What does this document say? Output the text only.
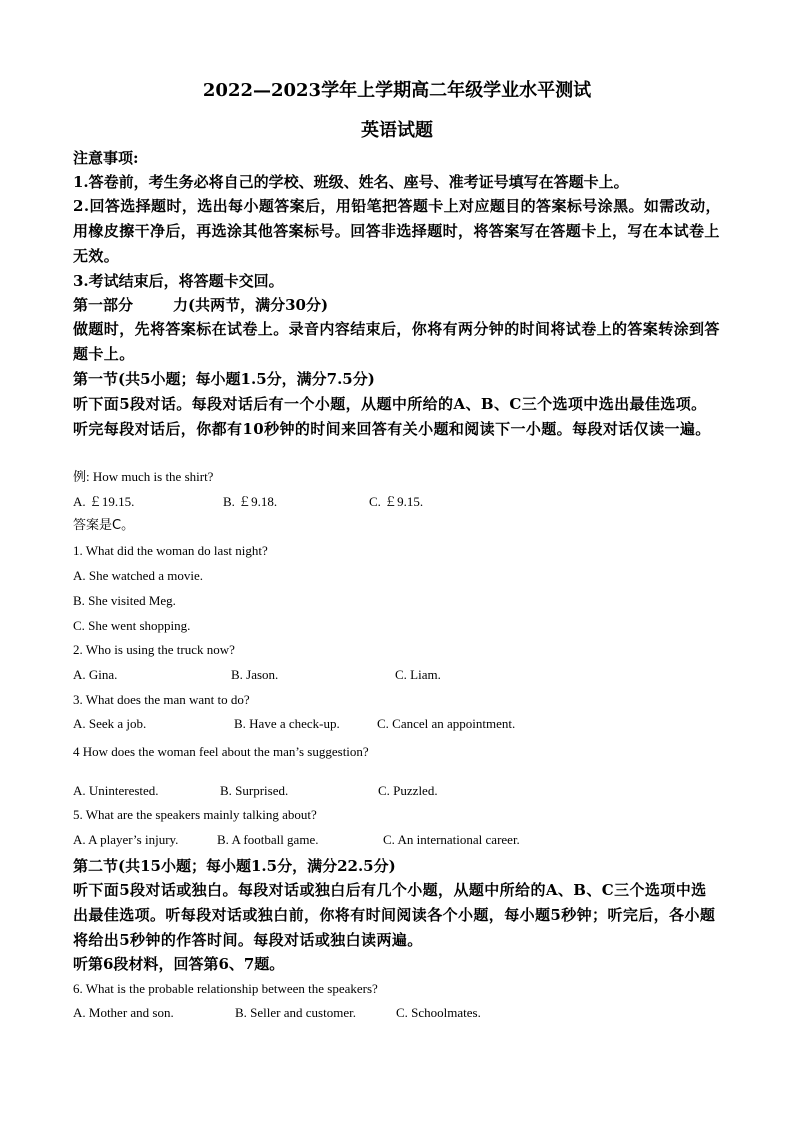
2022—2023学年上学期高二年级学业水平测试
英语试题
注意事项:
1.答卷前，考生务必将自己的学校、班级、姓名、座号、准考证号填写在答题卡上。
2.回答选择题时，选出每小题答案后，用铅笔把答题卡上对应题目的答案标号涂黑。如需改动，用橡皮擦干净后，再选涂其他答案标号。回答非选择题时，将答案写在答题卡上，写在本试卷上无效。
3.考试结束后，将答题卡交回。
第一部分	力(共两节，满分30分)
做题时，先将答案标在试卷上。录音内容结束后，你将有两分钟的时间将试卷上的答案转涂到答题卡上。
第一节(共5小题；每小题1.5分，满分7.5分)
听下面5段对话。每段对话后有一个小题，从题中所给的A、B、C三个选项中选出最佳选项。听完每段对话后，你都有10秒钟的时间来回答有关小题和阅读下一小题。每段对话仅读一遍。
例: How much is the shirt?
A. ￡19.15.	B. ￡9.18.	C. ￡9.15.
答案是C。
1. What did the woman do last night?
A. She watched a movie.
B. She visited Meg.
C. She went shopping.
2. Who is using the truck now?
A. Gina.	B. Jason.	C. Liam.
3. What does the man want to do?
A. Seek a job.	B. Have a check-up.	C. Cancel an appointment.
4 How does the woman feel about the man’s suggestion?
A. Uninterested.	B. Surprised.	C. Puzzled.
5. What are the speakers mainly talking about?
A. A player’s injury.	B. A football game.	C. An international career.
第二节(共15小题；每小题1.5分，满分22.5分)
听下面5段对话或独白。每段对话或独白后有几个小题，从题中所给的A、B、C三个选项中选出最佳选项。听每段对话或独白前，你将有时间阅读各个小题，每小题5秒钟；听完后，各小题将给出5秒钟的作答时间。每段对话或独白读两遍。
听第6段材料，回答第6、7题。
6. What is the probable relationship between the speakers?
A. Mother and son.	B. Seller and customer.	C. Schoolmates.
